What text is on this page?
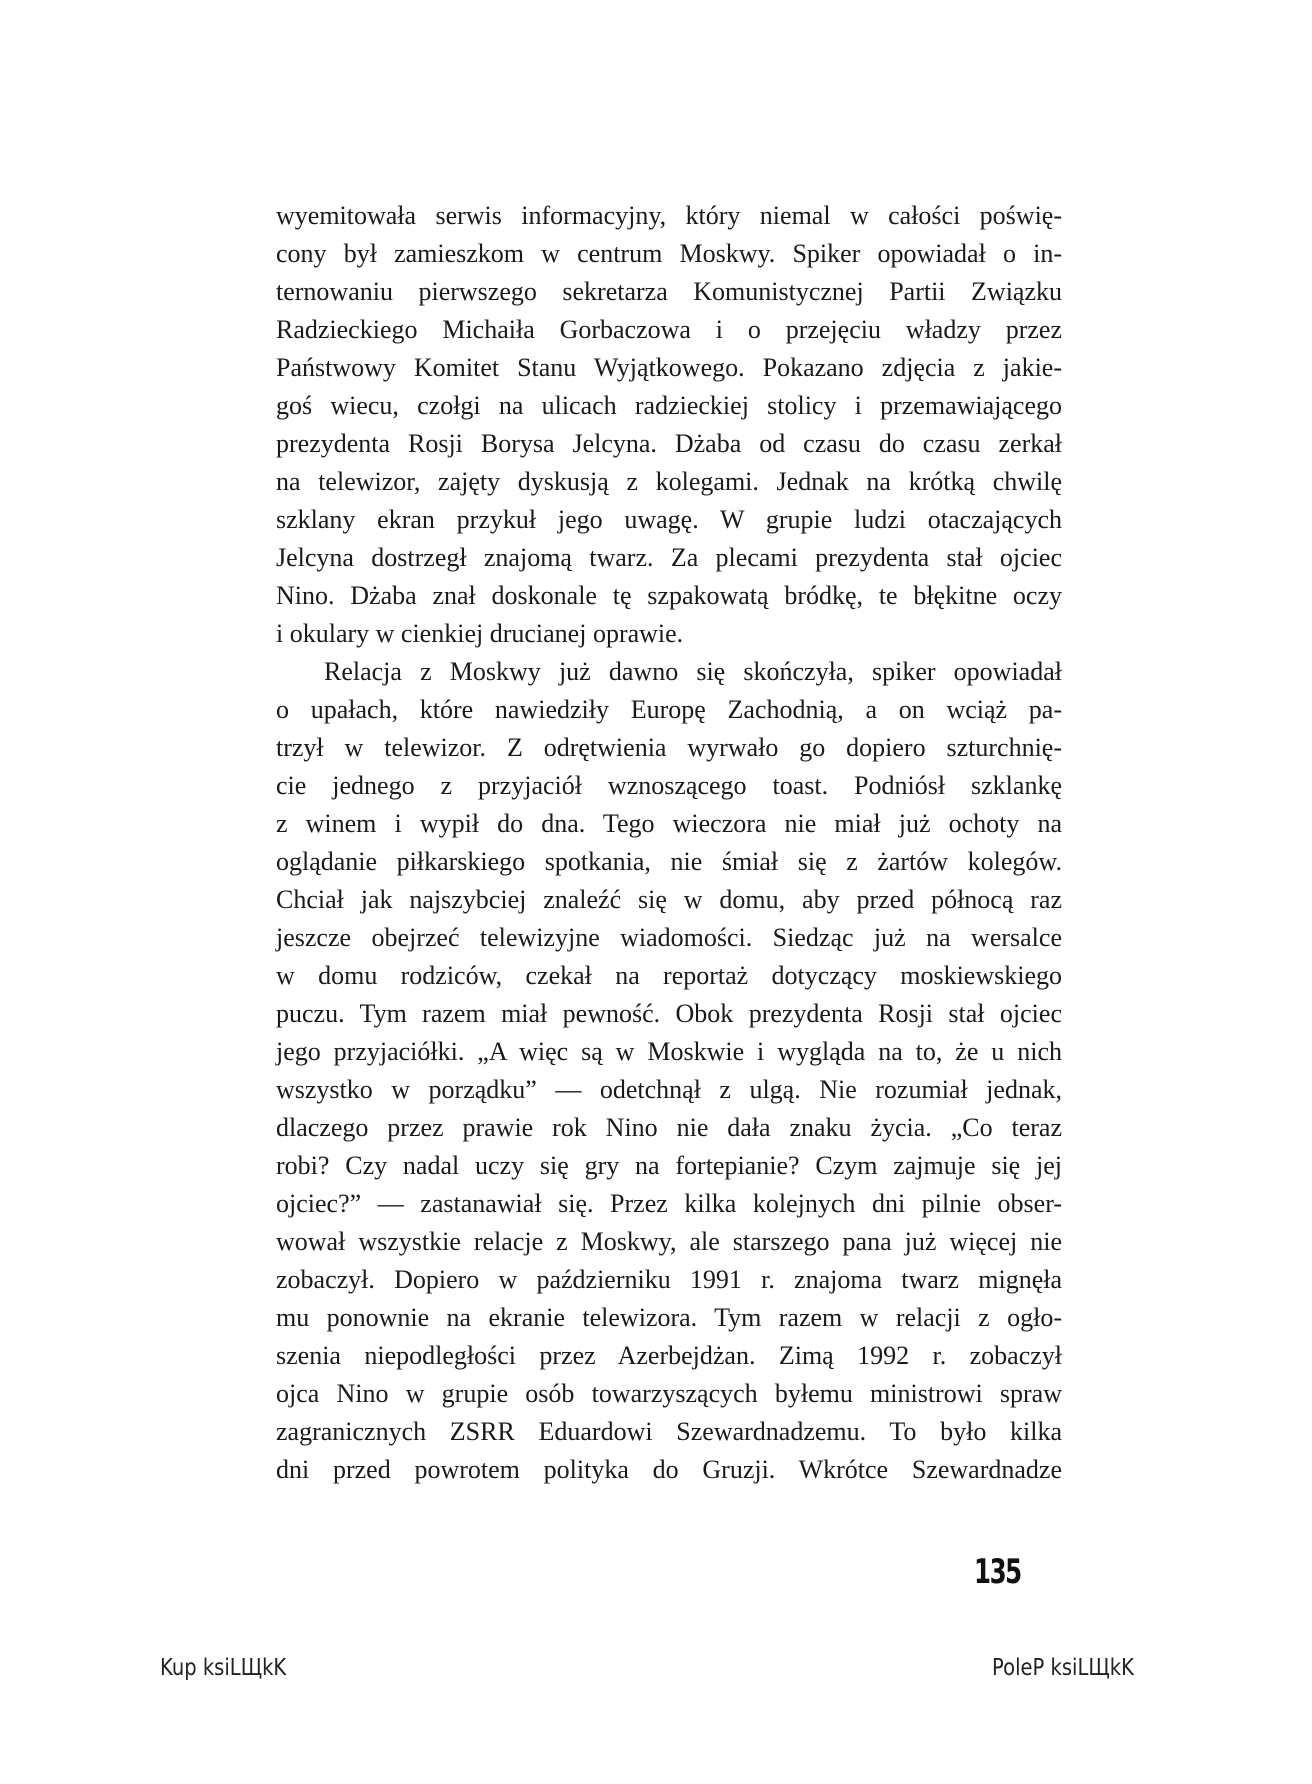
wyemitowała serwis informacyjny, który niemal w całości poświę-
cony był zamieszkom w centrum Moskwy. Spiker opowiadał o in-
ternowaniu pierwszego sekretarza Komunistycznej Partii Związku
Radzieckiego Michaiła Gorbaczowa i o przejęciu władzy przez
Państwowy Komitet Stanu Wyjątkowego. Pokazano zdjęcia z jakie-
goś wiecu, czołgi na ulicach radzieckiej stolicy i przemawiającego
prezydenta Rosji Borysa Jelcyna. Dżaba od czasu do czasu zerkał
na telewizor, zajęty dyskusją z kolegami. Jednak na krótką chwilę
szklany ekran przykuł jego uwagę. W grupie ludzi otaczających
Jelcyna dostrzegł znajomą twarz. Za plecami prezydenta stał ojciec
Nino. Dżaba znał doskonale tę szpakowatą bródkę, te błękitne oczy
i okulary w cienkiej drucianej oprawie.
Relacja z Moskwy już dawno się skończyła, spiker opowiadał
o upałach, które nawiedziły Europę Zachodnią, a on wciąż pa-
trzył w telewizor. Z odrętwienia wyrwało go dopiero szturchnię-
cie jednego z przyjaciół wznoszącego toast. Podniósł szklankę
z winem i wypił do dna. Tego wieczora nie miał już ochoty na
oglądanie piłkarskiego spotkania, nie śmiał się z żartów kolegów.
Chciał jak najszybciej znaleźć się w domu, aby przed północą raz
jeszcze obejrzeć telewizyjne wiadomości. Siedząc już na wersalce
w domu rodziców, czekał na reportaż dotyczący moskiewskiego
puczu. Tym razem miał pewność. Obok prezydenta Rosji stał ojciec
jego przyjaciółki. „A więc są w Moskwie i wygląda na to, że u nich
wszystko w porządku” — odetchnął z ulgą. Nie rozumiał jednak,
dlaczego przez prawie rok Nino nie dała znaku życia. „Co teraz
robi? Czy nadal uczy się gry na fortepianie? Czym zajmuje się jej
ojciec?” — zastanawiał się. Przez kilka kolejnych dni pilnie obser-
wował wszystkie relacje z Moskwy, ale starszego pana już więcej nie
zobaczył. Dopiero w październiku 1991 r. znajoma twarz mignęła
mu ponownie na ekranie telewizora. Tym razem w relacji z ogło-
szenia niepodległości przez Azerbejdżan. Zimą 1992 r. zobaczył
ojca Nino w grupie osób towarzyszących byłemu ministrowi spraw
zagranicznych ZSRR Eduardowi Szewardnadzemu. To było kilka
dni przed powrotem polityka do Gruzji. Wkrótce Szewardnadze
135
Kup ksiLЩkK	PoleP ksiLЩkK
